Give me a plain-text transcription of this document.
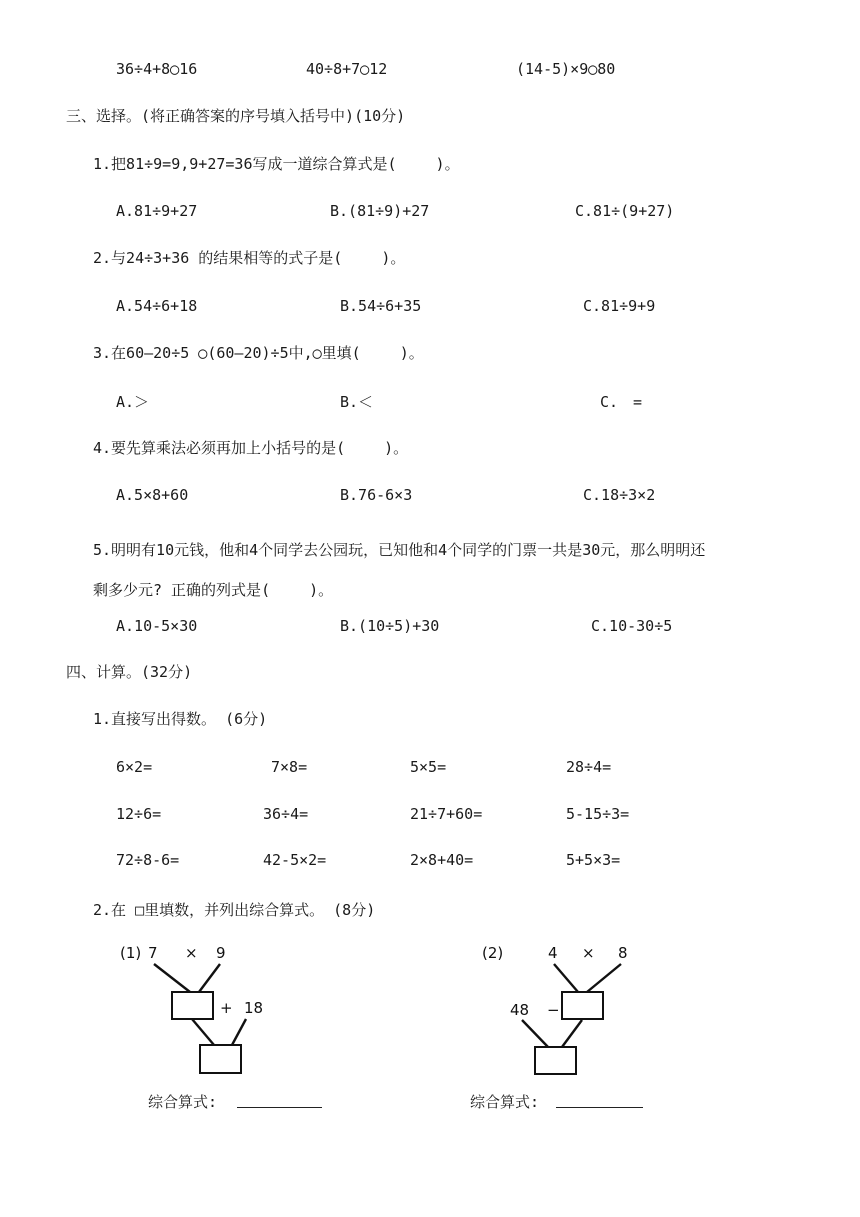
36÷4+8◯16	40÷8+7◯12	(14-5)×9◯80
三、选择。(将正确答案的序号填入括号中)(10分)
1.把81÷9=9,9+27=36写成一道综合算式是(　　 )。
A.81÷9+27	B.(81÷9)+27	C.81÷(9+27)
2.与24÷3+36 的结果相等的式子是(　　 )。
A.54÷6+18	B.54÷6+35	C.81÷9+9
3.在60—20÷5 ◯(60—20)÷5中,◯里填(　　 )。
A.＞	B.＜	C.　=
4.要先算乘法必须再加上小括号的是(　　 )。
A.5×8+60	B.76-6×3	C.18÷3×2
5.明明有10元钱，他和4个同学去公园玩，已知他和4个同学的门票一共是30元，那么明明还
剩多少元? 正确的列式是(　　 )。
A.10-5×30	B.(10÷5)+30	C.10-30÷5
四、计算。(32分)
1.直接写出得数。 (6分)
6×2=	7×8=	5×5=	28÷4=
12÷6=	36÷4=	21÷7+60=	5-15÷3=
72÷8-6=	42-5×2=	2×8+40=	5+5×3=
2.在 □里填数，并列出综合算式。 (8分)
(1) 7 × 9
+ 18
(2)	4 × 8
48 −
综合算式:	综合算式:
